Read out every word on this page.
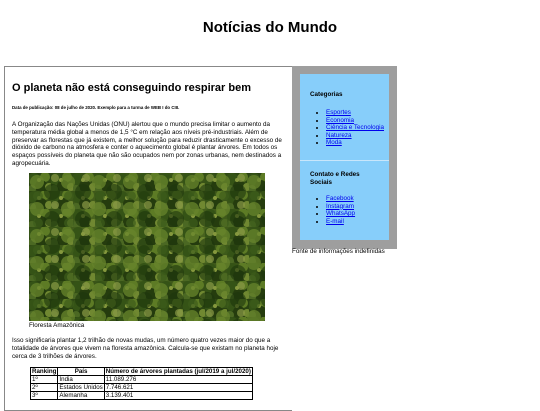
Notícias do Mundo
O planeta não está conseguindo respirar bem

Data de publicação: 08 de julho de 2020. Exemplo para a turma de WEB I do CIII.

A Organização das Nações Unidas (ONU) alertou que o mundo precisa limitar o aumento da temperatura média global a menos de 1,5 °C em relação aos níveis pré-industriais. Além de preservar as florestas que já existem, a melhor solução para reduzir drasticamente o excesso de dióxido de carbono na atmosfera e conter o aquecimento global é plantar árvores. Em todos os espaços possíveis do planeta que não são ocupados nem por zonas urbanas, nem destinados a agropecuária.

Floresta Amazônica

Isso significaria plantar 1,2 trilhão de novas mudas, um número quatro vezes maior do que a totalidade de árvores que vivem na floresta amazônica. Calcula-se que existam no planeta hoje cerca de 3 trilhões de árvores.

Ranking	País	Número de árvores plantadas (jul/2019 a jul/2020)
1º	Índia	11.089.276
2º	Estados Unidos	7.746.621
3º	Alemanha	3.139.401
Categorias
• Esportes
• Economia
• Ciência e Tecnologia
• Natureza
• Moda
Contato e Redes Sociais
• Facebook
• Instagram
• WhatsApp
• E-mail

Fonte de informações indefinidas
